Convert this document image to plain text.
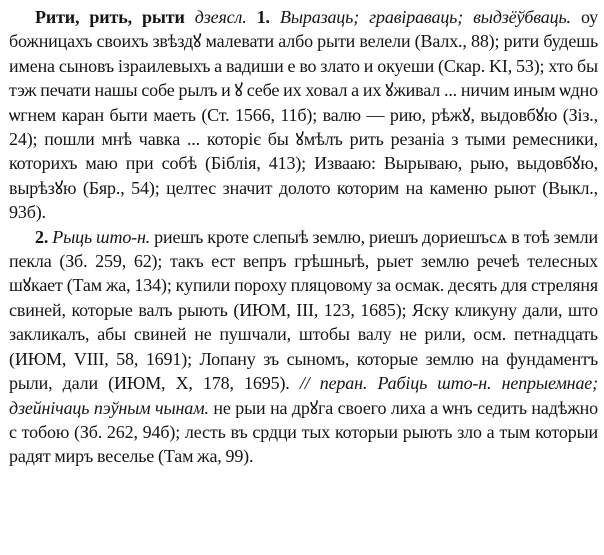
Рити, рить, рыти дзеясл. 1. Выразаць; гравіраваць; выдзёўбваць. оу божницахъ своихъ звѣздꙋ малевати албо рыти велели (Валх., 88); рити будешь имена сыновъ ізраилевыхъ а вадиши е во злато и окуеши (Скар. KI, 53); хто бы тэж печати нашы собе рылъ и ꙋ себе их ховал а их ꙋживал ... ничим иным ѡдно ѡгнем каран быти маеть (Ст. 1566, 11б); валю — рию, рѣжꙋ, выдовбꙋю (Зіз., 24); пошли мнѣ чавка ... которіє бы ꙋмѣлъ рить резаніа з тыми ремесники, которихъ маю при собѣ (Біблія, 413); Извааю: Вырываю, рыю, выдовбꙋю, вырѣзꙋю (Бяр., 54); целтес значит долото которим на каменю рыют (Выкл., 93б).

2. Рыць што-н. риешъ кроте слепыѣ землю, риешъ дориешъсѧ в тоѣ земли пекла (Зб. 259, 62); такъ ест вепръ грѣшныѣ, рыет землю речеѣ телесных шꙋкает (Там жа, 134); купили пороху пляцовому за осмак. десять для стреляня свиней, которые валъ рыють (ИЮМ, III, 123, 1685); Яску кликуну дали, што закликалъ, абы свиней не пушчали, штобы валу не рили, осм. петнадцать (ИЮМ, VIII, 58, 1691); Лопану зъ сыномъ, которые землю на фундаментъ рыли, дали (ИЮМ, X, 178, 1695). // перан. Рабіць што-н. непрыемнае; дзейнічаць пэўным чынам. не рыи на дрꙋга своего лиха а ѡнъ седить надѣжно с тобою (Зб. 262, 94б); лесть въ срдци тых которыи рыють зло а тым которыи радят миръ веселье (Там жа, 99).
